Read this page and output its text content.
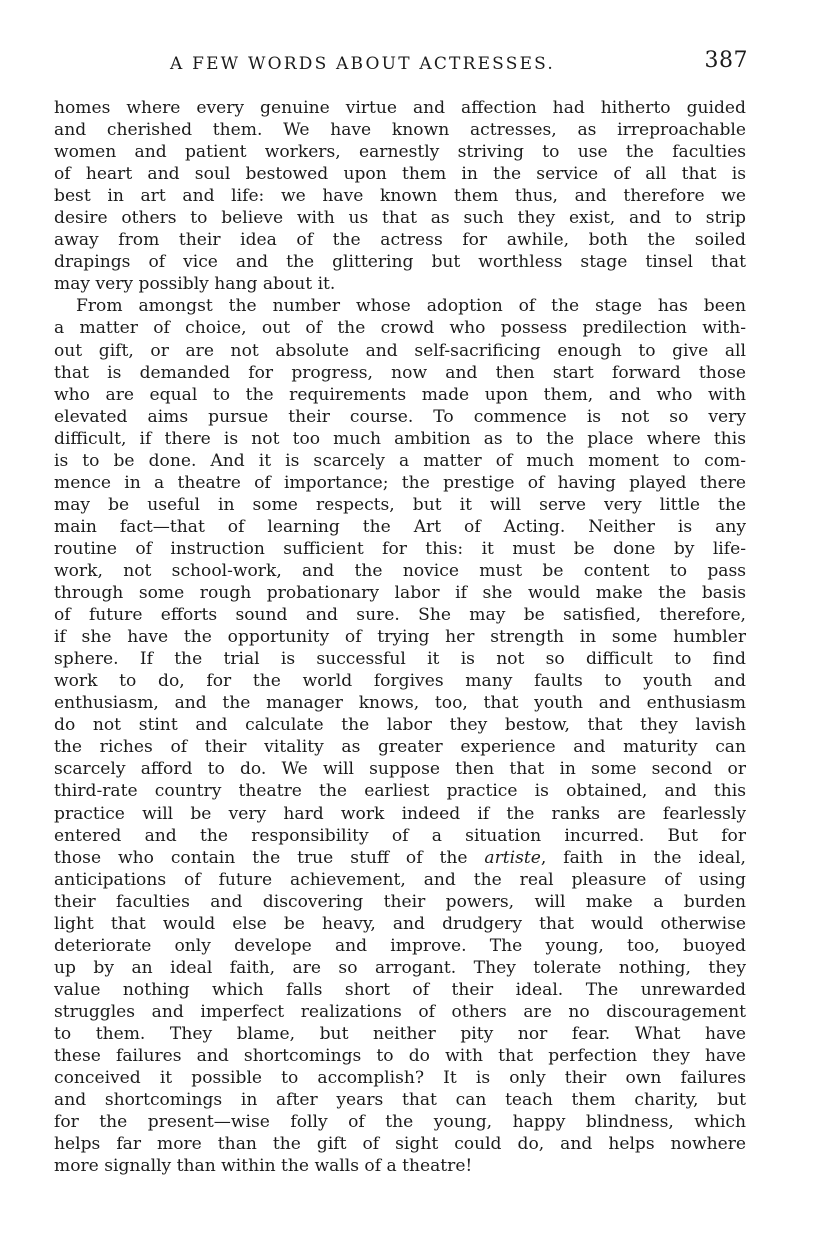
A FEW WORDS ABOUT ACTRESSES.	387
homes where every genuine virtue and affection had hitherto guided
and cherished them. We have known actresses, as irreproachable
women and patient workers, earnestly striving to use the faculties
of heart and soul bestowed upon them in the service of all that is
best in art and life: we have known them thus, and therefore we
desire others to believe with us that as such they exist, and to strip
away from their idea of the actress for awhile, both the soiled
drapings of vice and the glittering but worthless stage tinsel that
may very possibly hang about it.
From amongst the number whose adoption of the stage has been
a matter of choice, out of the crowd who possess predilection with-
out gift, or are not absolute and self-sacrificing enough to give all
that is demanded for progress, now and then start forward those
who are equal to the requirements made upon them, and who with
elevated aims pursue their course. To commence is not so very
difficult, if there is not too much ambition as to the place where this
is to be done. And it is scarcely a matter of much moment to com-
mence in a theatre of importance; the prestige of having played there
may be useful in some respects, but it will serve very little the
main fact—that of learning the Art of Acting. Neither is any
routine of instruction sufficient for this: it must be done by life-
work, not school-work, and the novice must be content to pass
through some rough probationary labor if she would make the basis
of future efforts sound and sure. She may be satisfied, therefore,
if she have the opportunity of trying her strength in some humbler
sphere. If the trial is successful it is not so difficult to find
work to do, for the world forgives many faults to youth and
enthusiasm, and the manager knows, too, that youth and enthusiasm
do not stint and calculate the labor they bestow, that they lavish
the riches of their vitality as greater experience and maturity can
scarcely afford to do. We will suppose then that in some second or
third-rate country theatre the earliest practice is obtained, and this
practice will be very hard work indeed if the ranks are fearlessly
entered and the responsibility of a situation incurred. But for
those who contain the true stuff of the artiste, faith in the ideal,
anticipations of future achievement, and the real pleasure of using
their faculties and discovering their powers, will make a burden
light that would else be heavy, and drudgery that would otherwise
deteriorate only develope and improve. The young, too, buoyed
up by an ideal faith, are so arrogant. They tolerate nothing, they
value nothing which falls short of their ideal. The unrewarded
struggles and imperfect realizations of others are no discouragement
to them. They blame, but neither pity nor fear. What have
these failures and shortcomings to do with that perfection they have
conceived it possible to accomplish? It is only their own failures
and shortcomings in after years that can teach them charity, but
for the present—wise folly of the young, happy blindness, which
helps far more than the gift of sight could do, and helps nowhere
more signally than within the walls of a theatre!
